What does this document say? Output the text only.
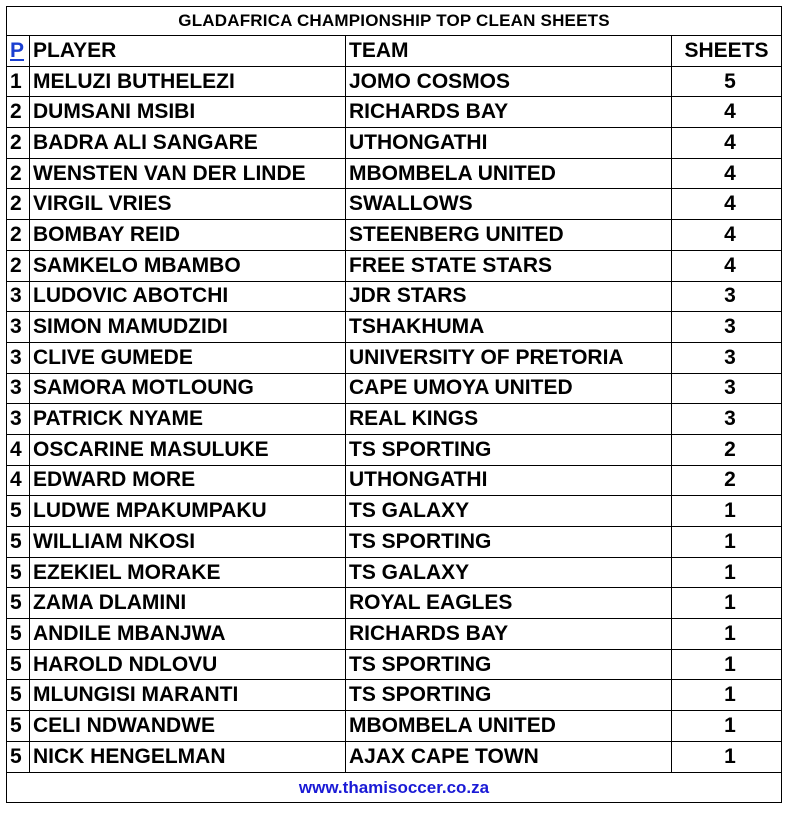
GLADAFRICA CHAMPIONSHIP TOP CLEAN SHEETS			
P	PLAYER	TEAM	SHEETS
1	MELUZI BUTHELEZI	JOMO COSMOS	5
2	DUMSANI MSIBI	RICHARDS BAY	4
2	BADRA ALI SANGARE	UTHONGATHI	4
2	WENSTEN VAN DER LINDE	MBOMBELA UNITED	4
2	VIRGIL VRIES	SWALLOWS	4
2	BOMBAY REID	STEENBERG UNITED	4
2	SAMKELO MBAMBO	FREE STATE STARS	4
3	LUDOVIC ABOTCHI	JDR STARS	3
3	SIMON MAMUDZIDI	TSHAKHUMA	3
3	CLIVE GUMEDE	UNIVERSITY OF PRETORIA	3
3	SAMORA MOTLOUNG	CAPE UMOYA UNITED	3
3	PATRICK NYAME	REAL KINGS	3
4	OSCARINE MASULUKE	TS SPORTING	2
4	EDWARD MORE	UTHONGATHI	2
5	LUDWE MPAKUMPAKU	TS GALAXY	1
5	WILLIAM NKOSI	TS SPORTING	1
5	EZEKIEL MORAKE	TS GALAXY	1
5	ZAMA DLAMINI	ROYAL EAGLES	1
5	ANDILE MBANJWA	RICHARDS BAY	1
5	HAROLD NDLOVU	TS SPORTING	1
5	MLUNGISI MARANTI	TS SPORTING	1
5	CELI NDWANDWE	MBOMBELA UNITED	1
5	NICK HENGELMAN	AJAX CAPE TOWN	1
www.thamisoccer.co.za			
